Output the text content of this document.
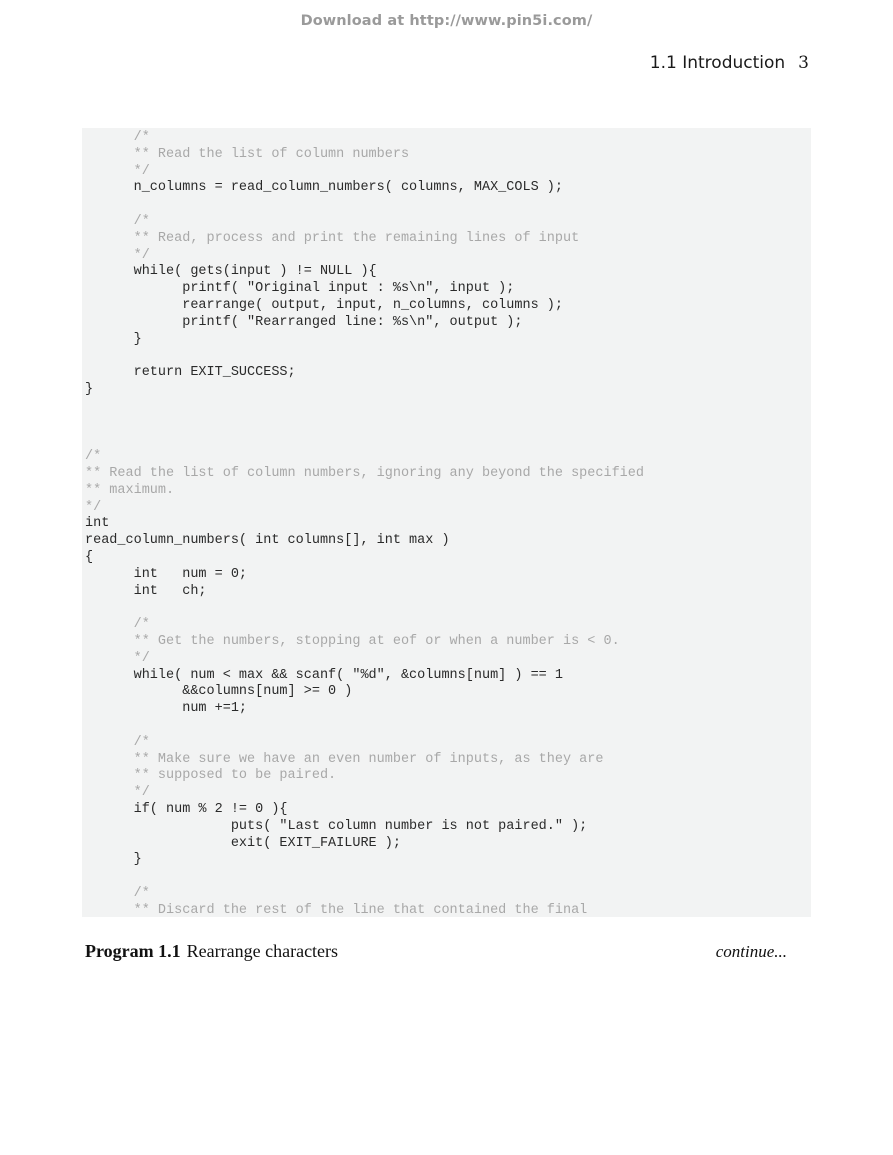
Download at http://www.pin5i.com/
1.1 Introduction 3
/*
** Read the list of column numbers
*/
n_columns = read_column_numbers( columns, MAX_COLS );
/*
** Read, process and print the remaining lines of input
*/
while( gets(input ) != NULL ){
printf( "Original input : %s\n", input );
rearrange( output, input, n_columns, columns );
printf( "Rearranged line: %s\n", output );
}
return EXIT_SUCCESS;
}
/*
** Read the list of column numbers, ignoring any beyond the specified
** maximum.
*/
int
read_column_numbers( int columns[], int max )
{
int   num = 0;
int   ch;
/*
** Get the numbers, stopping at eof or when a number is < 0.
*/
while( num < max && scanf( "%d", &columns[num] ) == 1
&&columns[num] >= 0 )
num +=1;
/*
** Make sure we have an even number of inputs, as they are
** supposed to be paired.
*/
if( num % 2 != 0 ){
puts( "Last column number is not paired." );
exit( EXIT_FAILURE );
}
/*
** Discard the rest of the line that contained the final
Program 1.1 Rearrange characters	continue...
